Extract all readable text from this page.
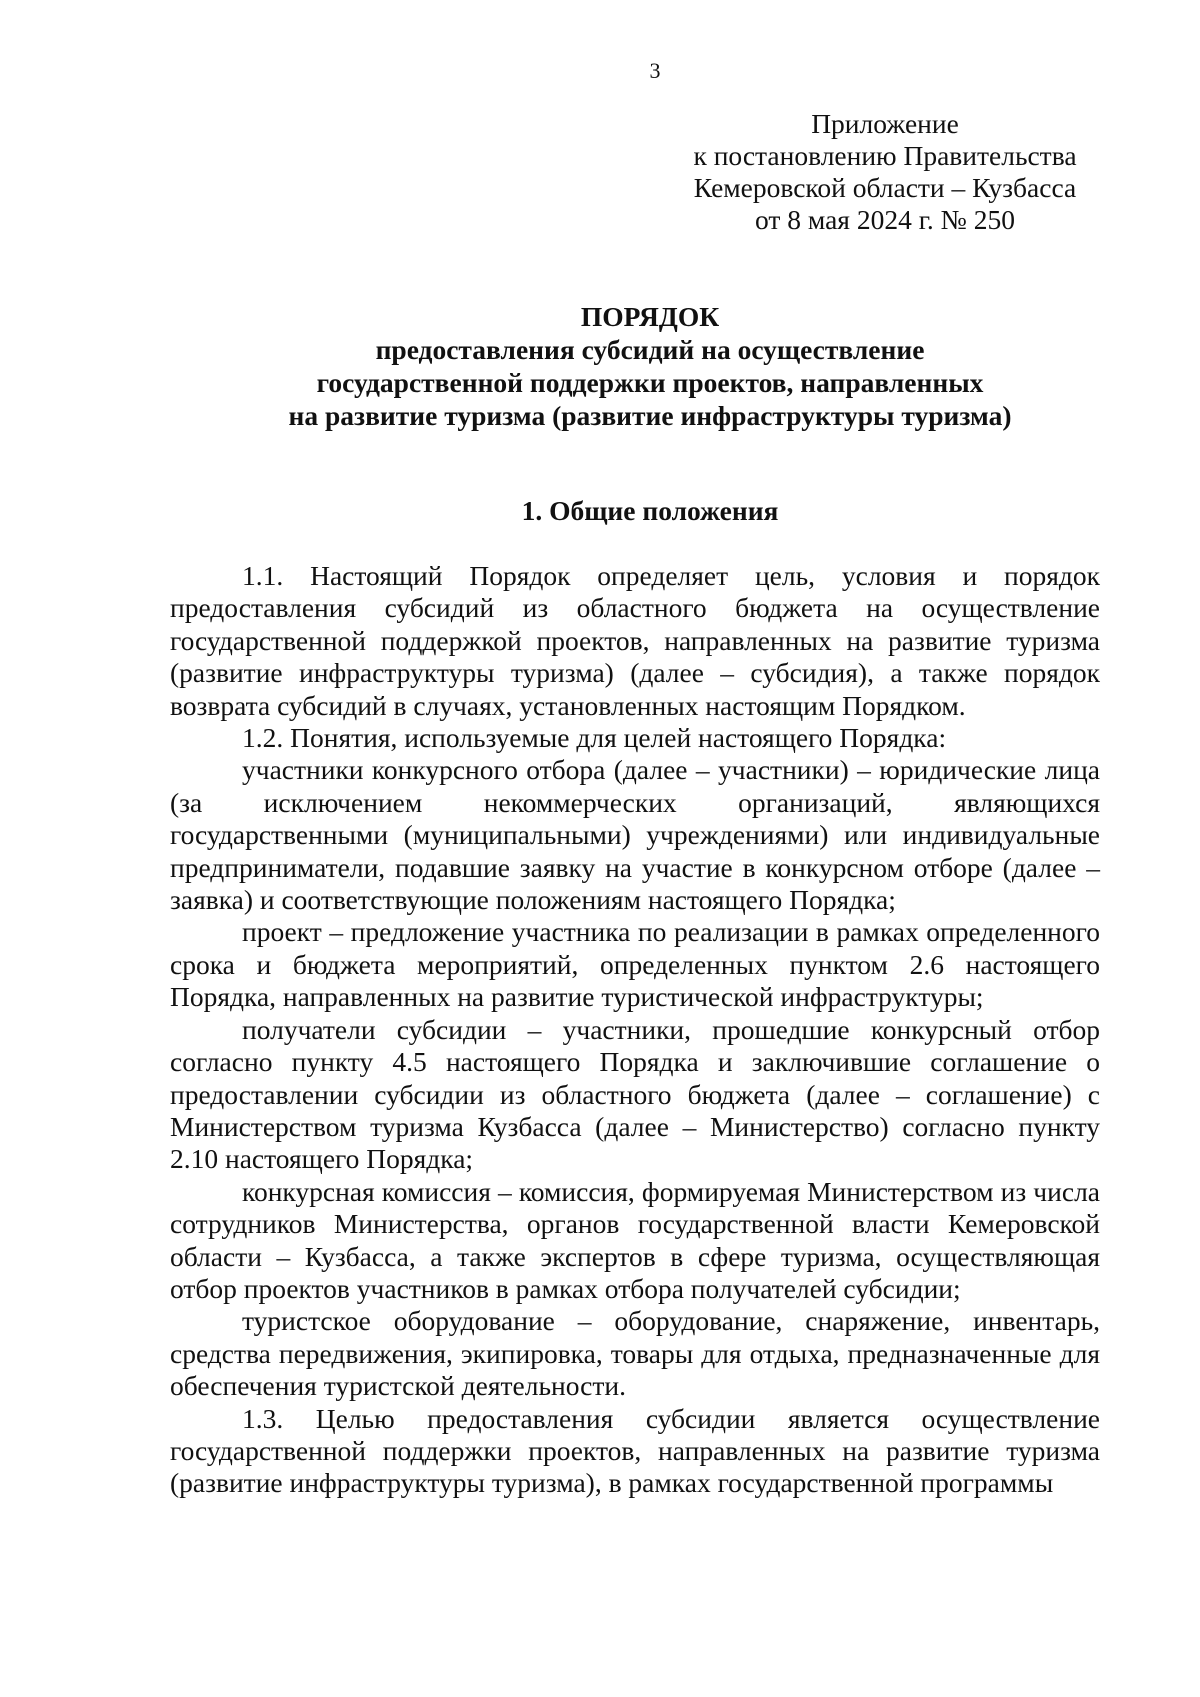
3
Приложение
к постановлению Правительства
Кемеровской области – Кузбасса
от 8 мая 2024 г. № 250
ПОРЯДОК
предоставления субсидий на осуществление
государственной поддержки проектов, направленных
на развитие туризма (развитие инфраструктуры туризма)
1. Общие положения

1.1. Настоящий Порядок определяет цель, условия и порядок предоставления субсидий из областного бюджета на осуществление государственной поддержкой проектов, направленных на развитие туризма (развитие инфраструктуры туризма) (далее – субсидия), а также порядок возврата субсидий в случаях, установленных настоящим Порядком.

1.2. Понятия, используемые для целей настоящего Порядка:

участники конкурсного отбора (далее – участники) – юридические лица (за исключением некоммерческих организаций, являющихся государственными (муниципальными) учреждениями) или индивидуальные предприниматели, подавшие заявку на участие в конкурсном отборе (далее – заявка) и соответствующие положениям настоящего Порядка;

проект – предложение участника по реализации в рамках определенного срока и бюджета мероприятий, определенных пунктом 2.6 настоящего Порядка, направленных на развитие туристической инфраструктуры;

получатели субсидии – участники, прошедшие конкурсный отбор согласно пункту 4.5 настоящего Порядка и заключившие соглашение о предоставлении субсидии из областного бюджета (далее – соглашение) с Министерством туризма Кузбасса (далее – Министерство) согласно пункту 2.10 настоящего Порядка;

конкурсная комиссия – комиссия, формируемая Министерством из числа сотрудников Министерства, органов государственной власти Кемеровской области – Кузбасса, а также экспертов в сфере туризма, осуществляющая отбор проектов участников в рамках отбора получателей субсидии;

туристское оборудование – оборудование, снаряжение, инвентарь, средства передвижения, экипировка, товары для отдыха, предназначенные для обеспечения туристской деятельности.

1.3. Целью предоставления субсидии является осуществление государственной поддержки проектов, направленных на развитие туризма (развитие инфраструктуры туризма), в рамках государственной программы
